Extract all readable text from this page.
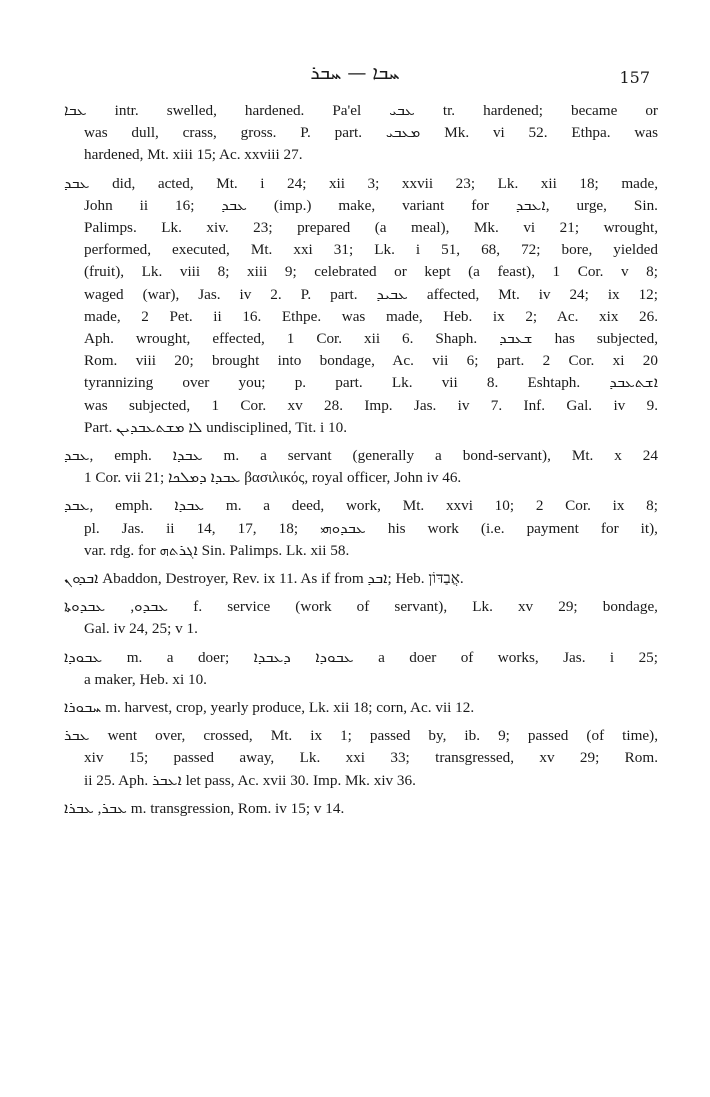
ܚܒܐ — ܚܒܪ	157
ܥܒܐ intr. swelled, hardened. Pa'el ܥܒܝ tr. hardened; became or
was dull, crass, gross. P. part. ܡܥܒܝ Mk. vi 52. Ethpa. was
hardened, Mt. xiii 15; Ac. xxviii 27.
ܥܒܕ did, acted, Mt. i 24; xii 3; xxvii 23; Lk. xii 18; made,
John ii 16; ܥܒܕ (imp.) make, variant for ܐܥܒܕ, urge, Sin.
Palimps. Lk. xiv. 23; prepared (a meal), Mk. vi 21; wrought,
performed, executed, Mt. xxi 31; Lk. i 51, 68, 72; bore, yielded
(fruit), Lk. viii 8; xiii 9; celebrated or kept (a feast), 1 Cor. v 8;
waged (war), Jas. iv 2. P. part. ܥܒܝܕ affected, Mt. iv 24; ix 12;
made, 2 Pet. ii 16. Ethpe. was made, Heb. ix 2; Ac. xix 26.
Aph. wrought, effected, 1 Cor. xii 6. Shaph. ܫܥܒܕ has subjected,
Rom. viii 20; brought into bondage, Ac. vii 6; part. 2 Cor. xi 20
tyrannizing over you; p. part. Lk. vii 8. Eshtaph. ܐܫܬܥܒܕ
was subjected, 1 Cor. xv 28. Imp. Jas. iv 7. Inf. Gal. iv 9.
Part. ܠܐ ܡܫܬܥܒܕܝܢ undisciplined, Tit. i 10.
ܥܒܕ, emph. ܥܒܕܐ m. a servant (generally a bond-servant), Mt. x 24
1 Cor. vii 21; ܥܒܕܐ ܕܡܠܟܐ βασιλικός, royal officer, John iv 46.
ܥܒܕ, emph. ܥܒܕܐ m. a deed, work, Mt. xxvi 10; 2 Cor. ix 8;
pl. Jas. ii 14, 17, 18; ܥܒܕܘܗܝ his work (i.e. payment for it),
var. rdg. for ܐܓܪܬܗ Sin. Palimps. Lk. xii 58.
ܐܒܕܘܢ Abaddon, Destroyer, Rev. ix 11. As if from ܐܒܕ; Heb. אֲבַדּוֹן.
ܥܒܕܘ, ܥܒܕܘܬܐ f. service (work of servant), Lk. xv 29; bondage,
Gal. iv 24, 25; v 1.
ܥܒܘܕܐ m. a doer; ܥܒܘܕܐ ܕܥܒܕܐ a doer of works, Jas. i 25;
a maker, Heb. xi 10.
ܚܒܘܪܐ m. harvest, crop, yearly produce, Lk. xii 18; corn, Ac. vii 12.
ܥܒܪ went over, crossed, Mt. ix 1; passed by, ib. 9; passed (of time),
xiv 15; passed away, Lk. xxi 33; transgressed, xv 29; Rom.
ii 25. Aph. ܐܥܒܪ let pass, Ac. xvii 30. Imp. Mk. xiv 36.
ܥܒܪ, ܥܒܪܐ m. transgression, Rom. iv 15; v 14.
